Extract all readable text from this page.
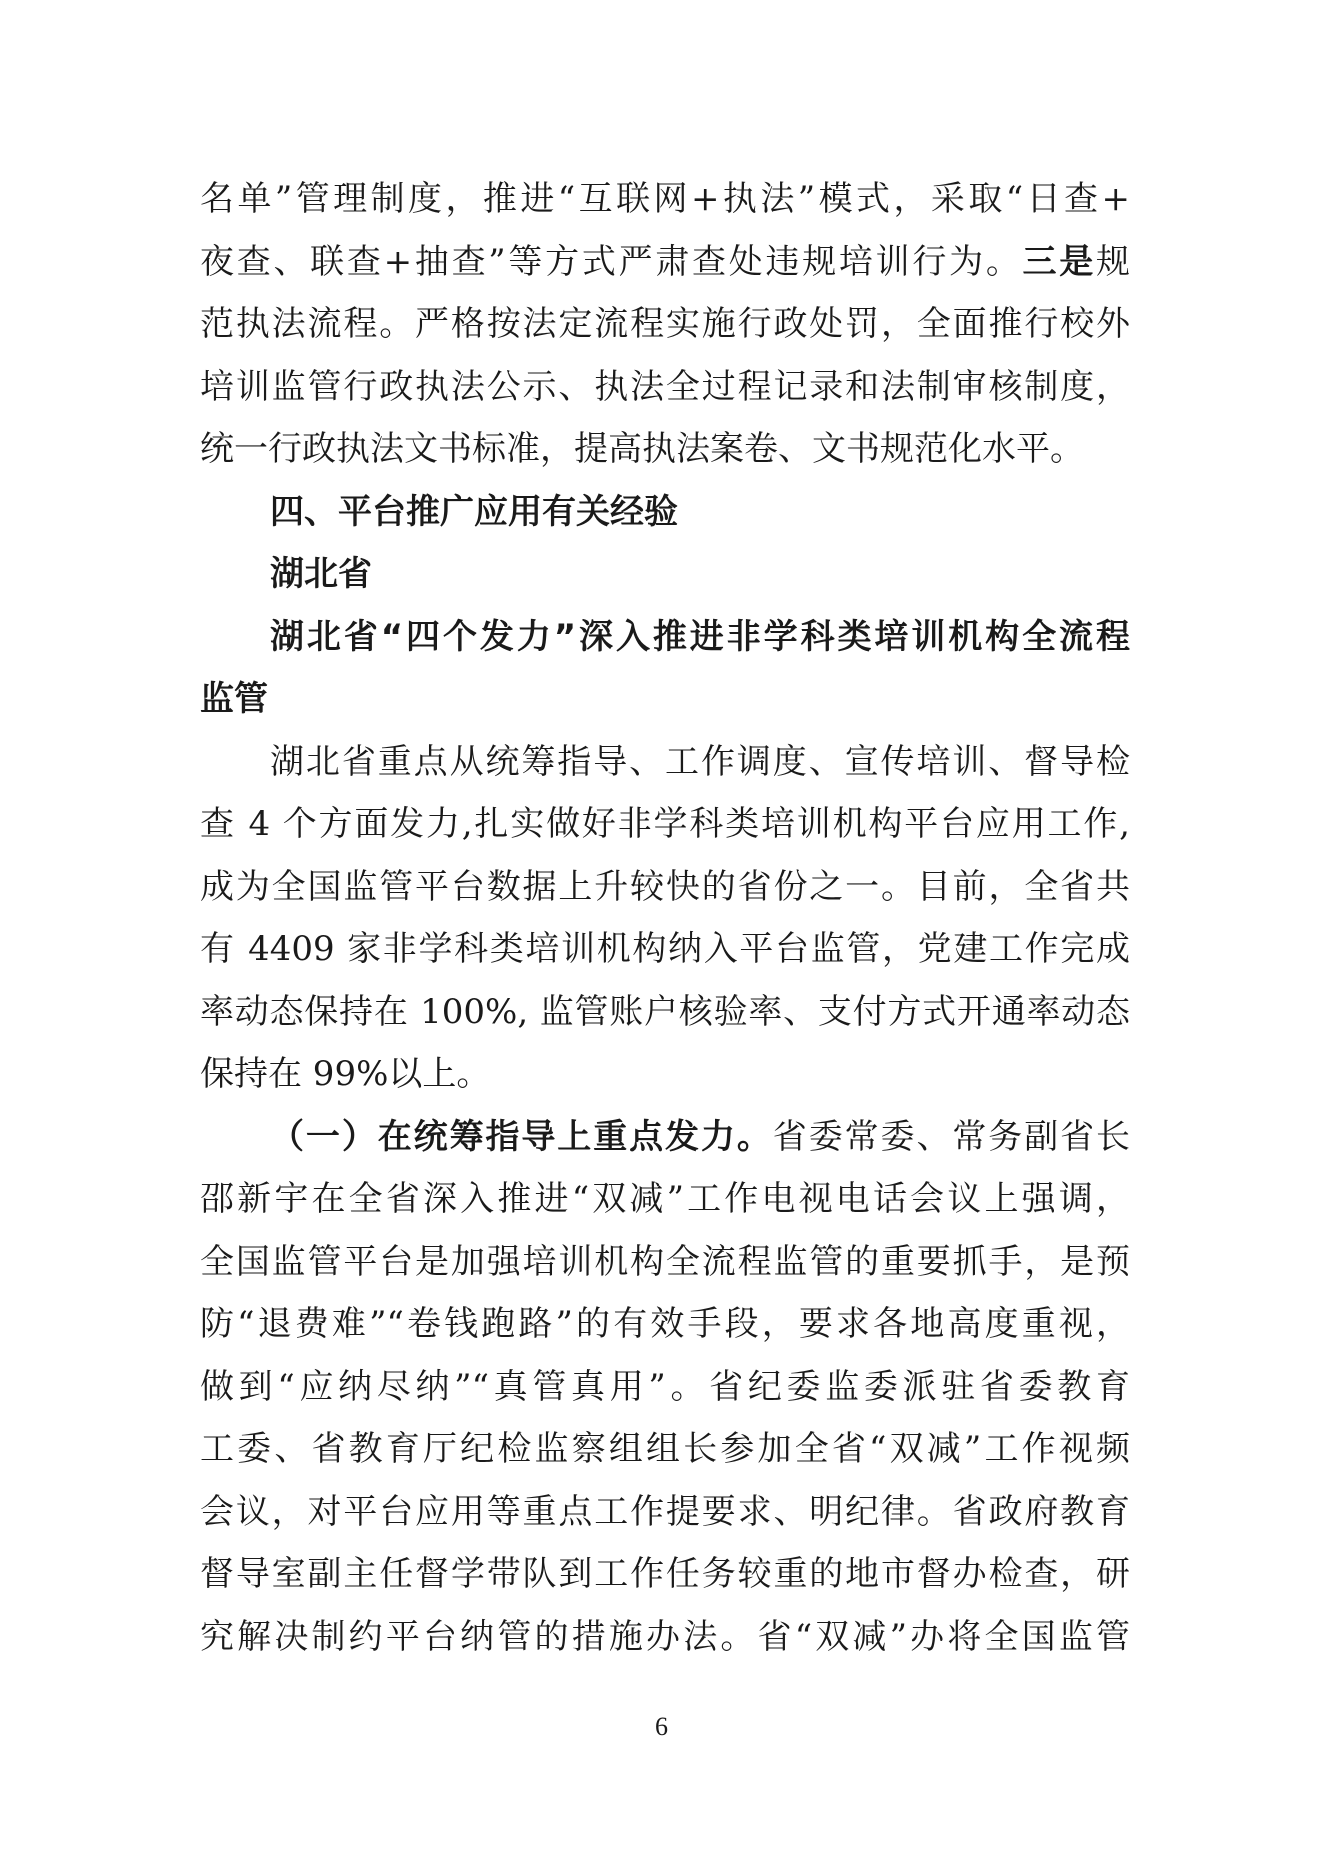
名单”管理制度，推进“互联网+执法”模式，采取“日查+
夜查、联查+抽查”等方式严肃查处违规培训行为。三是规
范执法流程。严格按法定流程实施行政处罚，全面推行校外
培训监管行政执法公示、执法全过程记录和法制审核制度，
统一行政执法文书标准，提高执法案卷、文书规范化水平。
四、平台推广应用有关经验
湖北省
湖北省“四个发力”深入推进非学科类培训机构全流程
监管
湖北省重点从统筹指导、工作调度、宣传培训、督导检
查 4 个方面发力,扎实做好非学科类培训机构平台应用工作,
成为全国监管平台数据上升较快的省份之一。目前，全省共
有 4409 家非学科类培训机构纳入平台监管，党建工作完成
率动态保持在 100%, 监管账户核验率、支付方式开通率动态
保持在 99%以上。
（一）在统筹指导上重点发力。省委常委、常务副省长
邵新宇在全省深入推进“双减”工作电视电话会议上强调，
全国监管平台是加强培训机构全流程监管的重要抓手，是预
防“退费难”“卷钱跑路”的有效手段，要求各地高度重视，
做到“应纳尽纳”“真管真用”。省纪委监委派驻省委教育
工委、省教育厅纪检监察组组长参加全省“双减”工作视频
会议，对平台应用等重点工作提要求、明纪律。省政府教育
督导室副主任督学带队到工作任务较重的地市督办检查，研
究解决制约平台纳管的措施办法。省“双减”办将全国监管
6
